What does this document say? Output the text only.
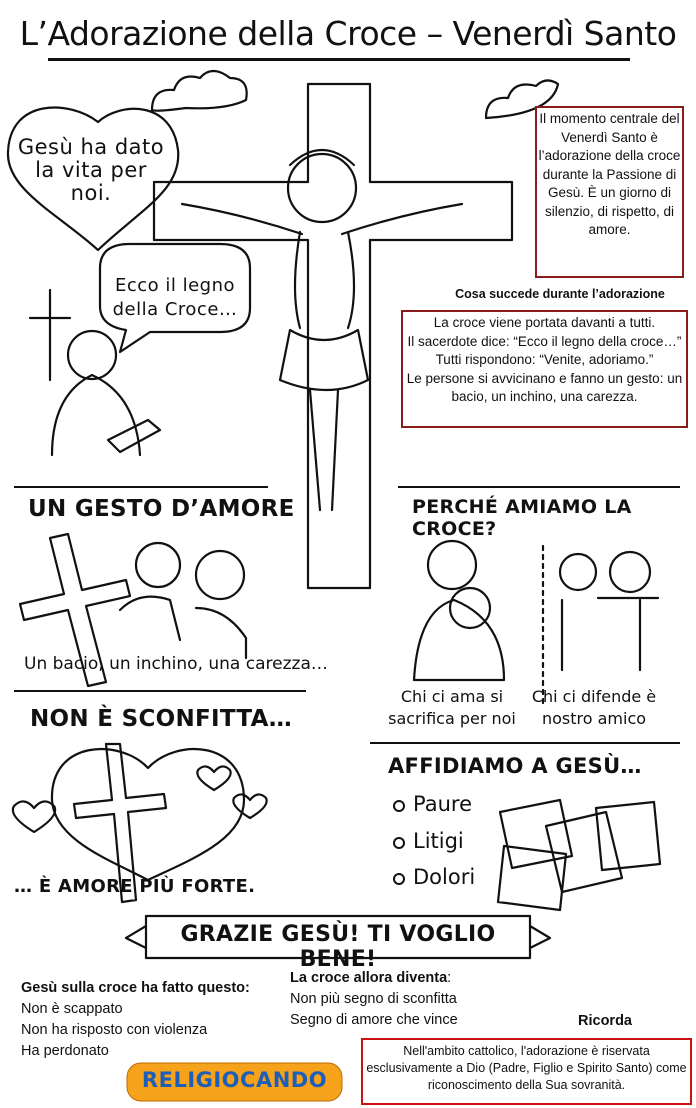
L’Adorazione della Croce – Venerdì Santo
Gesù ha dato la vita per noi.
Ecco il legno della Croce…
Il momento centrale del Venerdì Santo è l’adorazione della croce durante la Passione di Gesù. È un giorno di silenzio, di rispetto, di amore.
Cosa succede durante l’adorazione
La croce viene portata davanti a tutti.
Il sacerdote dice: “Ecco il legno della croce…”
Tutti rispondono: “Venite, adoriamo.”
Le persone si avvicinano e fanno un gesto: un bacio, un inchino, una carezza.
UN GESTO D’AMORE
Un bacio, un inchino, una carezza…
PERCHÉ AMIAMO LA CROCE?
Chi ci ama si sacrifica per noi
Chi ci difende è nostro amico
NON È SCONFITTA…
… È AMORE PIÙ FORTE.
AFFIDIAMO A GESÙ…
Paure
Litigi
Dolori
GRAZIE GESÙ! TI VOGLIO BENE!
Gesù sulla croce ha fatto questo:
Non è scappato
Non ha risposto con violenza
Ha perdonato
La croce allora diventa:
Non più segno di sconfitta
Segno di amore che vince	Ricorda
Nell'ambito cattolico, l'adorazione è riservata esclusivamente a Dio (Padre, Figlio e Spirito Santo) come riconoscimento della Sua sovranità.
RELIGIOCANDO
